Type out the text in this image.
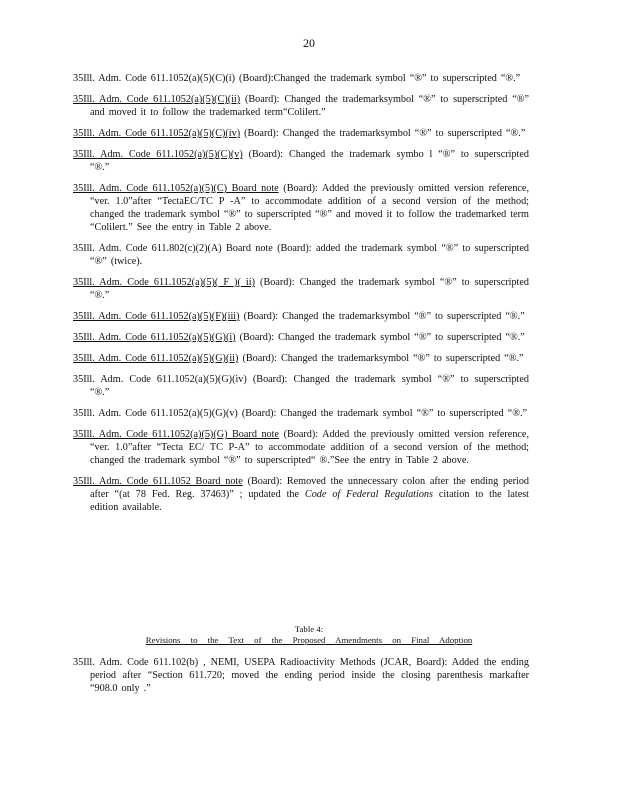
20

35Ill. Adm. Code 611.1052(a)(5)(C)(i) (Board):Changed the trademark symbol “®” to superscripted “®.”

35Ill. Adm. Code 611.1052(a)(5)(C)(ii) (Board): Changed the trademarksymbol “®” to superscripted “®” and moved it to follow the trademarked term“Colilert.”

35Ill. Adm. Code 611.1052(a)(5)(C)(iv) (Board): Changed the trademarksymbol “®” to superscripted “®.”

35Ill. Adm. Code 611.1052(a)(5)(C)(v) (Board): Changed the trademark symbo l “®” to superscripted “®.”

35Ill. Adm. Code 611.1052(a)(5)(C) Board note (Board): Added the previously omitted version reference, “ver. 1.0”after “TectaEC/TC P -A” to accommodate addition of a second version of the method; changed the trademark symbol “®” to superscripted “®” and moved it to follow the trademarked term “Colilert.” See the entry in Table 2 above.

35Ill. Adm. Code 611.802(c)(2)(A) Board note (Board): added the trademark symbol “®” to superscripted “®” (twice).

35Ill. Adm. Code 611.1052(a)(5)( F )( ii) (Board): Changed the trademark symbol “®” to superscripted “®.”

35Ill. Adm. Code 611.1052(a)(5)(F)(iii) (Board): Changed the trademarksymbol “®” to superscripted “®.”

35Ill. Adm. Code 611.1052(a)(5)(G)(i) (Board): Changed the trademark symbol “®” to superscripted “®.”

35Ill. Adm. Code 611.1052(a)(5)(G)(ii) (Board): Changed the trademarksymbol “®” to superscripted “®.”

35Ill. Adm. Code 611.1052(a)(5)(G)(iv) (Board): Changed the trademark symbol “®” to superscripted “®.”

35Ill. Adm. Code 611.1052(a)(5)(G)(v) (Board): Changed the trademark symbol “®” to superscripted “®.”

35Ill. Adm. Code 611.1052(a)(5)(G) Board note (Board): Added the previously omitted version reference, “ver. 1.0”after “Tecta EC/ TC P-A” to accommodate addition of a second version of the method; changed the trademark symbol “®” to superscripted“ ®.”See the entry in Table 2 above.

35Ill. Adm. Code 611.1052 Board note (Board): Removed the unnecessary colon after the ending period after “(at 78 Fed. Reg. 37463)” ; updated the Code of Federal Regulations citation to the latest edition available.

Table 4:
Revisions to the Text of the Proposed Amendments on Final Adoption

35Ill. Adm. Code 611.102(b) , NEMI, USEPA Radioactivity Methods (JCAR, Board): Added the ending period after “Section 611.720; moved the ending period inside the closing parenthesis markafter “908.0 only .”
